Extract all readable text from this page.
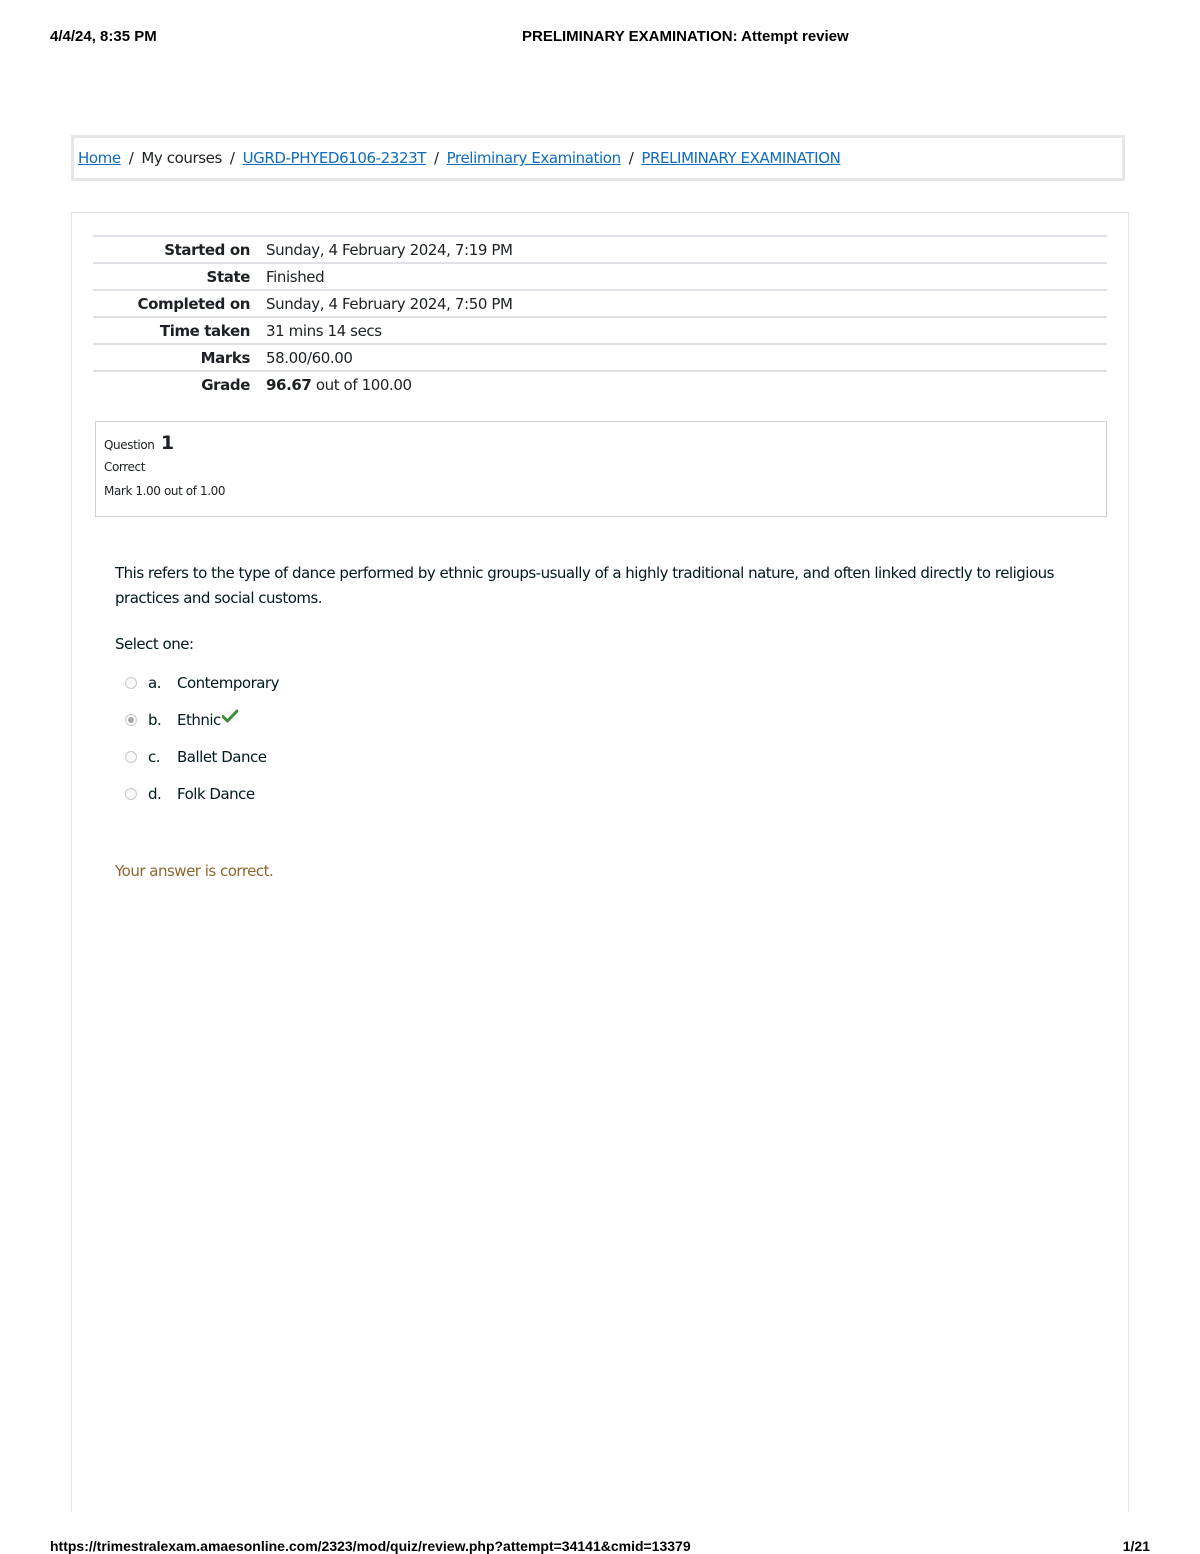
4/4/24, 8:35 PM	PRELIMINARY EXAMINATION: Attempt review
Home / My courses / UGRD-PHYED6106-2323T / Preliminary Examination / PRELIMINARY EXAMINATION
Started on	Sunday, 4 February 2024, 7:19 PM
State	Finished
Completed on	Sunday, 4 February 2024, 7:50 PM
Time taken	31 mins 14 secs
Marks	58.00/60.00
Grade	96.67 out of 100.00
Question 1
Correct
Mark 1.00 out of 1.00
This refers to the type of dance performed by ethnic groups-usually of a highly traditional nature, and often linked directly to religious practices and social customs.
Select one:
a.	Contemporary
b.	Ethnic
c.	Ballet Dance
d.	Folk Dance
Your answer is correct.
https://trimestralexam.amaesonline.com/2323/mod/quiz/review.php?attempt=34141&cmid=13379	1/21
